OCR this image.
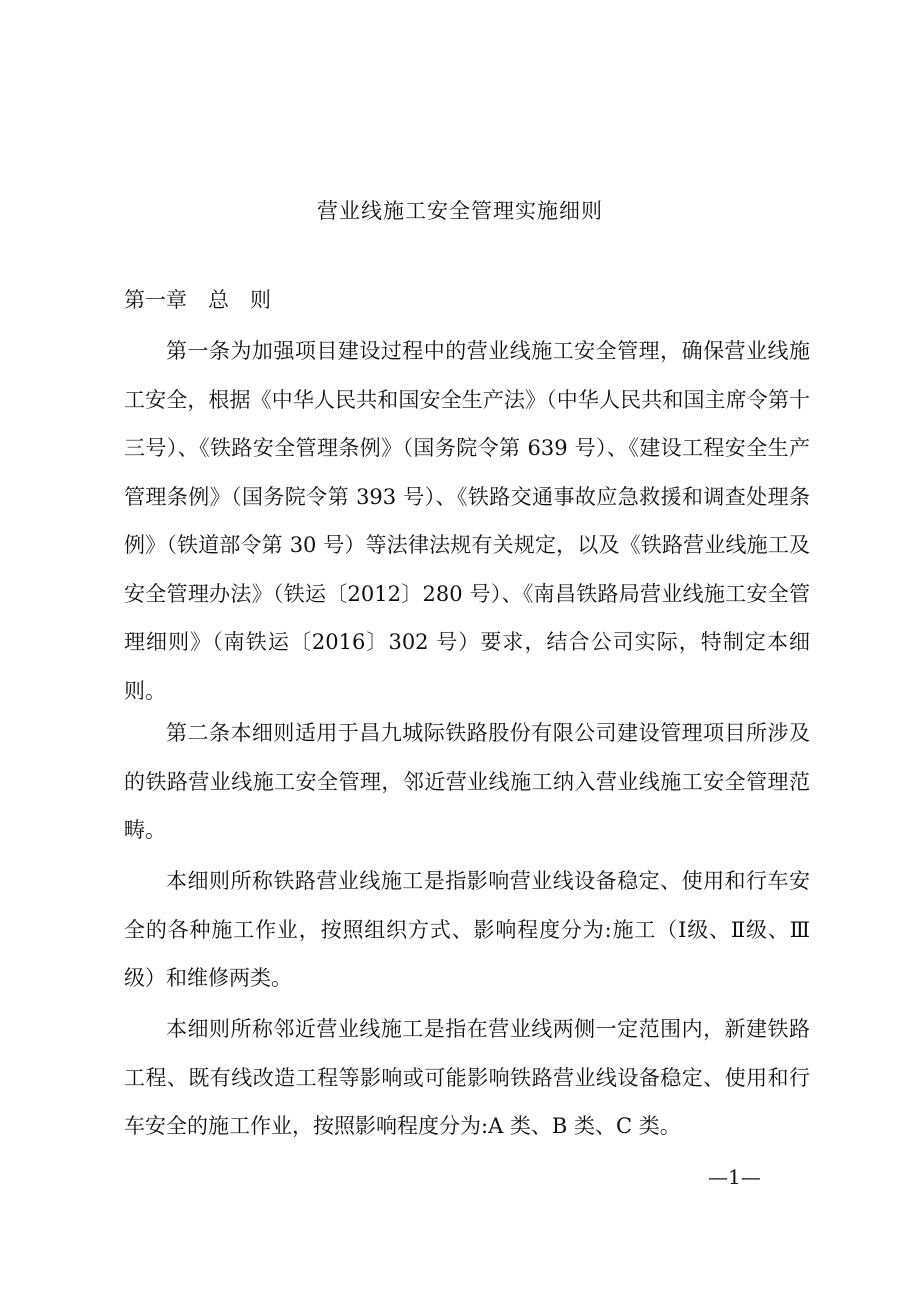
营业线施工安全管理实施细则
第一章　总　则

第一条为加强项目建设过程中的营业线施工安全管理，确保营业线施工安全，根据《中华人民共和国安全生产法》（中华人民共和国主席令第十三号）、《铁路安全管理条例》（国务院令第 639 号）、《建设工程安全生产管理条例》（国务院令第 393 号）、《铁路交通事故应急救援和调查处理条例》（铁道部令第 30 号）等法律法规有关规定，以及《铁路营业线施工及安全管理办法》（铁运〔2012〕280 号）、《南昌铁路局营业线施工安全管理细则》（南铁运〔2016〕302 号）要求，结合公司实际，特制定本细则。

第二条本细则适用于昌九城际铁路股份有限公司建设管理项目所涉及的铁路营业线施工安全管理，邻近营业线施工纳入营业线施工安全管理范畴。

本细则所称铁路营业线施工是指影响营业线设备稳定、使用和行车安全的各种施工作业，按照组织方式、影响程度分为:施工（Ⅰ级、Ⅱ级、Ⅲ级）和维修两类。

本细则所称邻近营业线施工是指在营业线两侧一定范围内，新建铁路工程、既有线改造工程等影响或可能影响铁路营业线设备稳定、使用和行车安全的施工作业，按照影响程度分为:A 类、B 类、C 类。

—1—
